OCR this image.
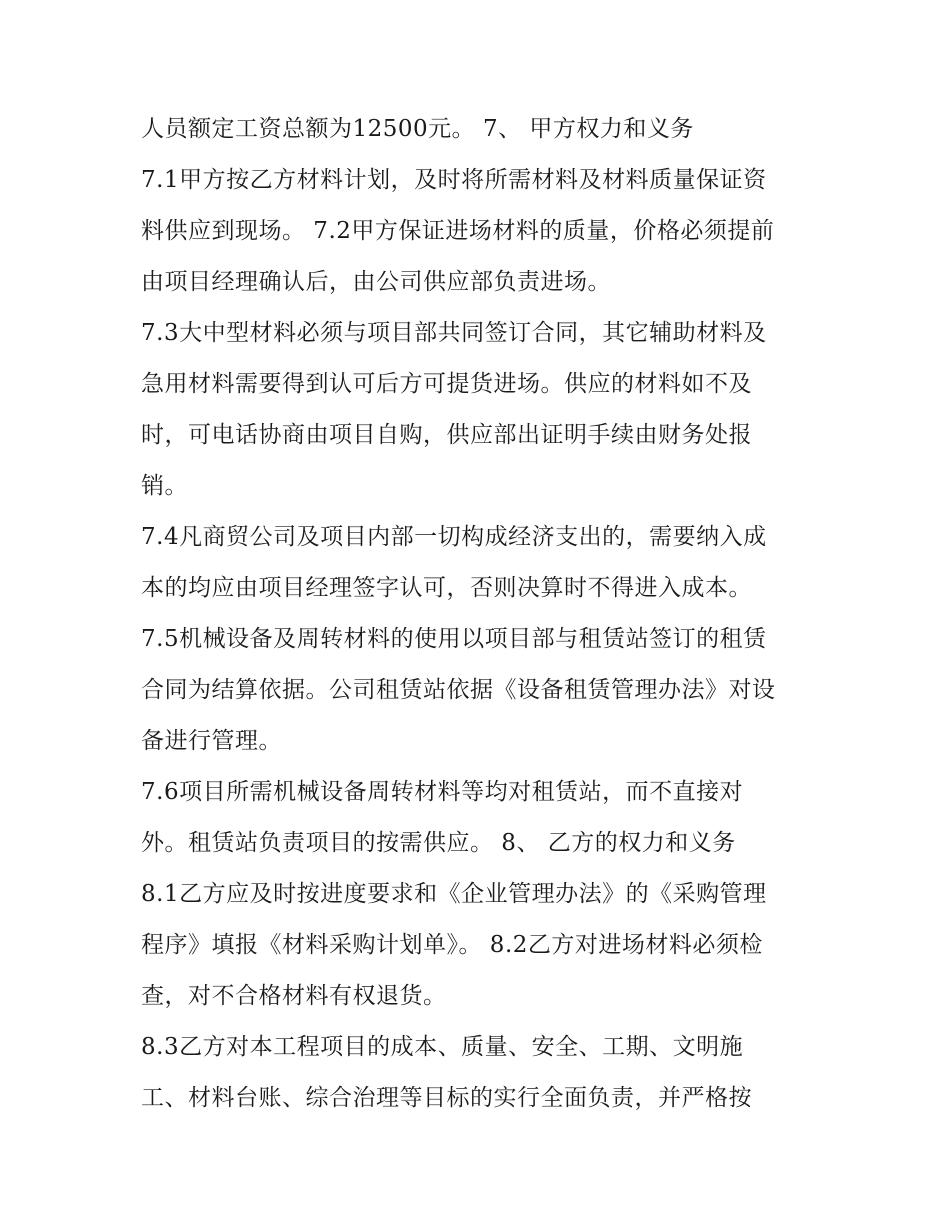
人员额定工资总额为12500元。 7、 甲方权力和义务
7.1甲方按乙方材料计划，及时将所需材料及材料质量保证资
料供应到现场。 7.2甲方保证进场材料的质量，价格必须提前
由项目经理确认后，由公司供应部负责进场。
7.3大中型材料必须与项目部共同签订合同，其它辅助材料及
急用材料需要得到认可后方可提货进场。供应的材料如不及
时，可电话协商由项目自购，供应部出证明手续由财务处报
销。
7.4凡商贸公司及项目内部一切构成经济支出的，需要纳入成
本的均应由项目经理签字认可，否则决算时不得进入成本。
7.5机械设备及周转材料的使用以项目部与租赁站签订的租赁
合同为结算依据。公司租赁站依据《设备租赁管理办法》对设
备进行管理。
7.6项目所需机械设备周转材料等均对租赁站，而不直接对
外。租赁站负责项目的按需供应。 8、 乙方的权力和义务
8.1乙方应及时按进度要求和《企业管理办法》的《采购管理
程序》填报《材料采购计划单》。 8.2乙方对进场材料必须检
查，对不合格材料有权退货。
8.3乙方对本工程项目的成本、质量、安全、工期、文明施
工、材料台账、综合治理等目标的实行全面负责，并严格按
